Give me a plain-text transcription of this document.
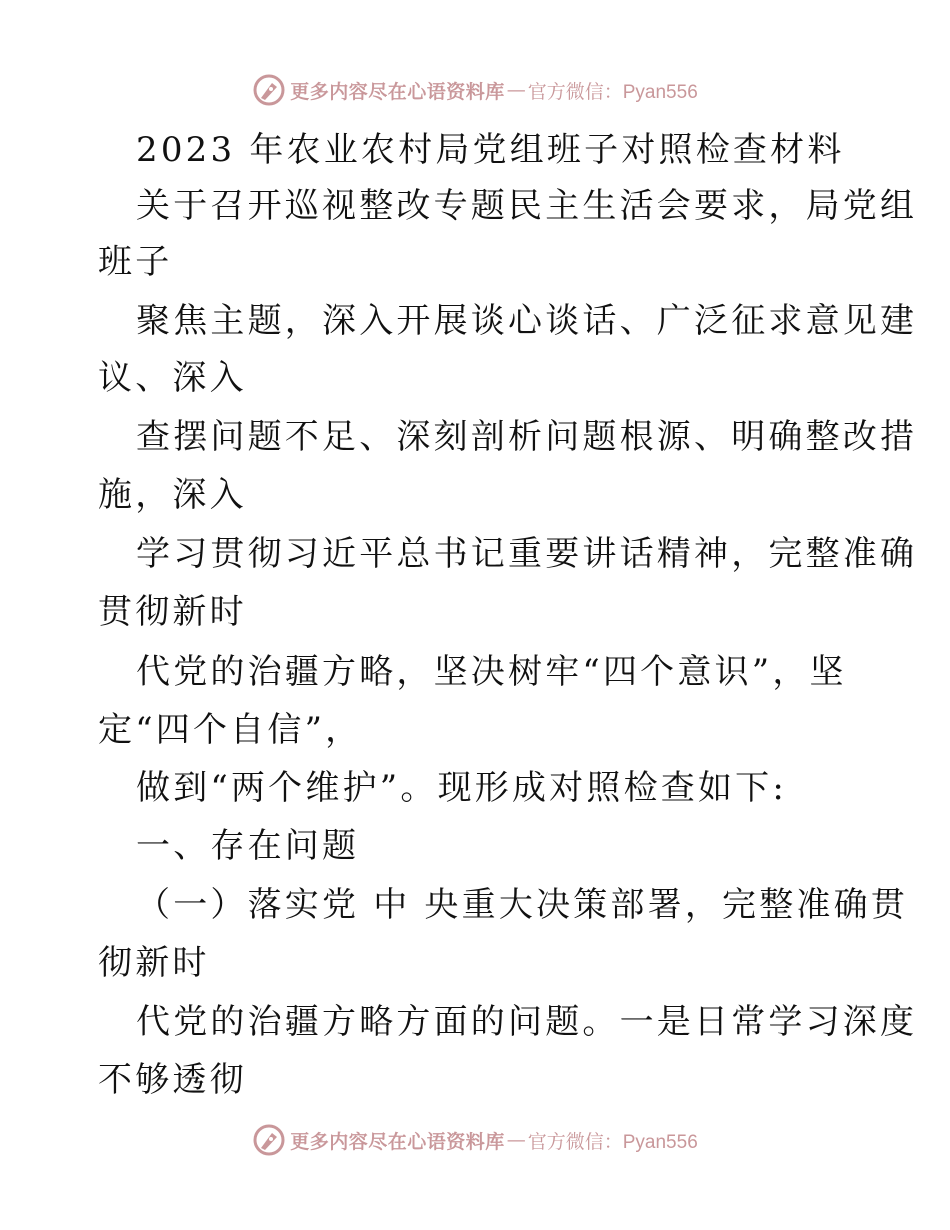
更多内容尽在心语资料库 — 官方微信：Pyan556
2023 年农业农村局党组班子对照检查材料
关于召开巡视整改专题民主生活会要求，局党组
班子
聚焦主题，深入开展谈心谈话、广泛征求意见建
议、深入
查摆问题不足、深刻剖析问题根源、明确整改措
施，深入
学习贯彻习近平总书记重要讲话精神，完整准确
贯彻新时
代党的治疆方略，坚决树牢“四个意识”，坚
定“四个自信”，
做到“两个维护”。现形成对照检查如下:
一、存在问题
（一）落实党 中 央重大决策部署，完整准确贯
彻新时
代党的治疆方略方面的问题。一是日常学习深度
不够透彻
更多内容尽在心语资料库 — 官方微信：Pyan556
